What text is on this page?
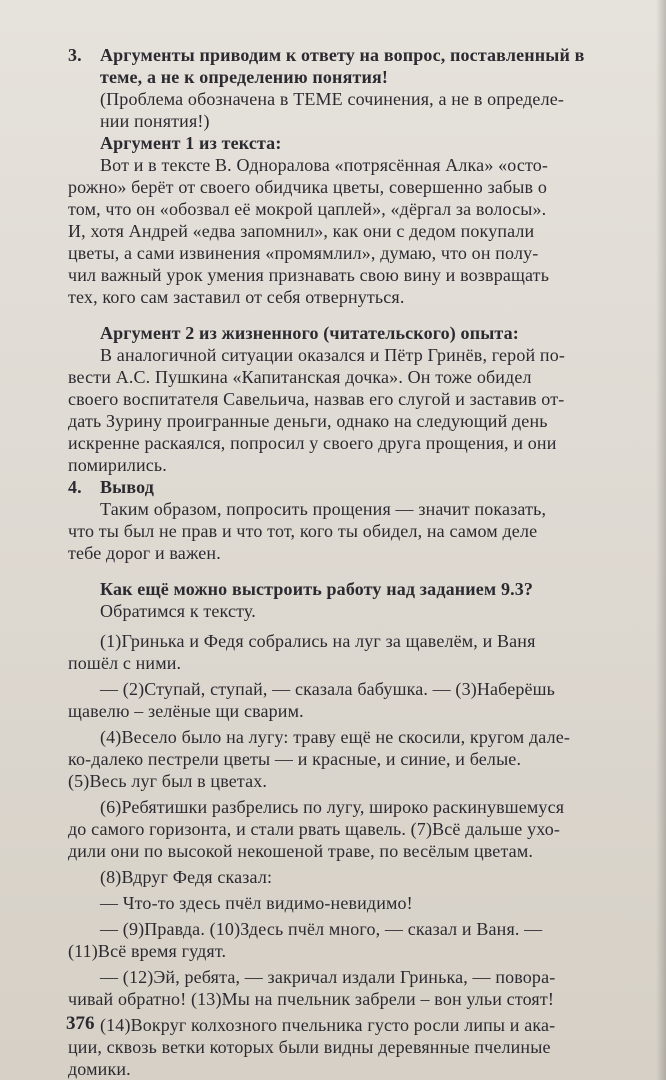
3.	Аргументы приводим к ответу на вопрос, поставленный в
теме, а не к определению понятия!
(Проблема обозначена в ТЕМЕ сочинения, а не в определе-
нии понятия!)
Аргумент 1 из текста:
Вот и в тексте В. Одноралова «потрясённая Алка» «осто-
рожно» берёт от своего обидчика цветы, совершенно забыв о
том, что он «обозвал её мокрой цаплей», «дёргал за волосы».
И, хотя Андрей «едва запомнил», как они с дедом покупали
цветы, а сами извинения «промямлил», думаю, что он полу-
чил важный урок умения признавать свою вину и возвращать
тех, кого сам заставил от себя отвернуться.
Аргумент 2 из жизненного (читательского) опыта:
В аналогичной ситуации оказался и Пётр Гринёв, герой по-
вести А.С. Пушкина «Капитанская дочка». Он тоже обидел
своего воспитателя Савельича, назвав его слугой и заставив от-
дать Зурину проигранные деньги, однако на следующий день
искренне раскаялся, попросил у своего друга прощения, и они
помирились.
4.	Вывод
Таким образом, попросить прощения — значит показать,
что ты был не прав и что тот, кого ты обидел, на самом деле
тебе дорог и важен.
Как ещё можно выстроить работу над заданием 9.3?
Обратимся к тексту.
(1)Гринька и Федя собрались на луг за щавелём, и Ваня
пошёл с ними.
— (2)Ступай, ступай, — сказала бабушка. — (3)Наберёшь
щавелю – зелёные щи сварим.
(4)Весело было на лугу: траву ещё не скосили, кругом дале-
ко-далеко пестрели цветы — и красные, и синие, и белые.
(5)Весь луг был в цветах.
(6)Ребятишки разбрелись по лугу, широко раскинувшемуся
до самого горизонта, и стали рвать щавель. (7)Всё дальше ухо-
дили они по высокой некошеной траве, по весёлым цветам.
(8)Вдруг Федя сказал:
— Что-то здесь пчёл видимо-невидимо!
— (9)Правда. (10)Здесь пчёл много, — сказал и Ваня. —
(11)Всё время гудят.
— (12)Эй, ребята, — закричал издали Гринька, — повора-
чивай обратно! (13)Мы на пчельник забрели – вон ульи стоят!
(14)Вокруг колхозного пчельника густо росли липы и ака-
ции, сквозь ветки которых были видны деревянные пчелиные
домики.
376
